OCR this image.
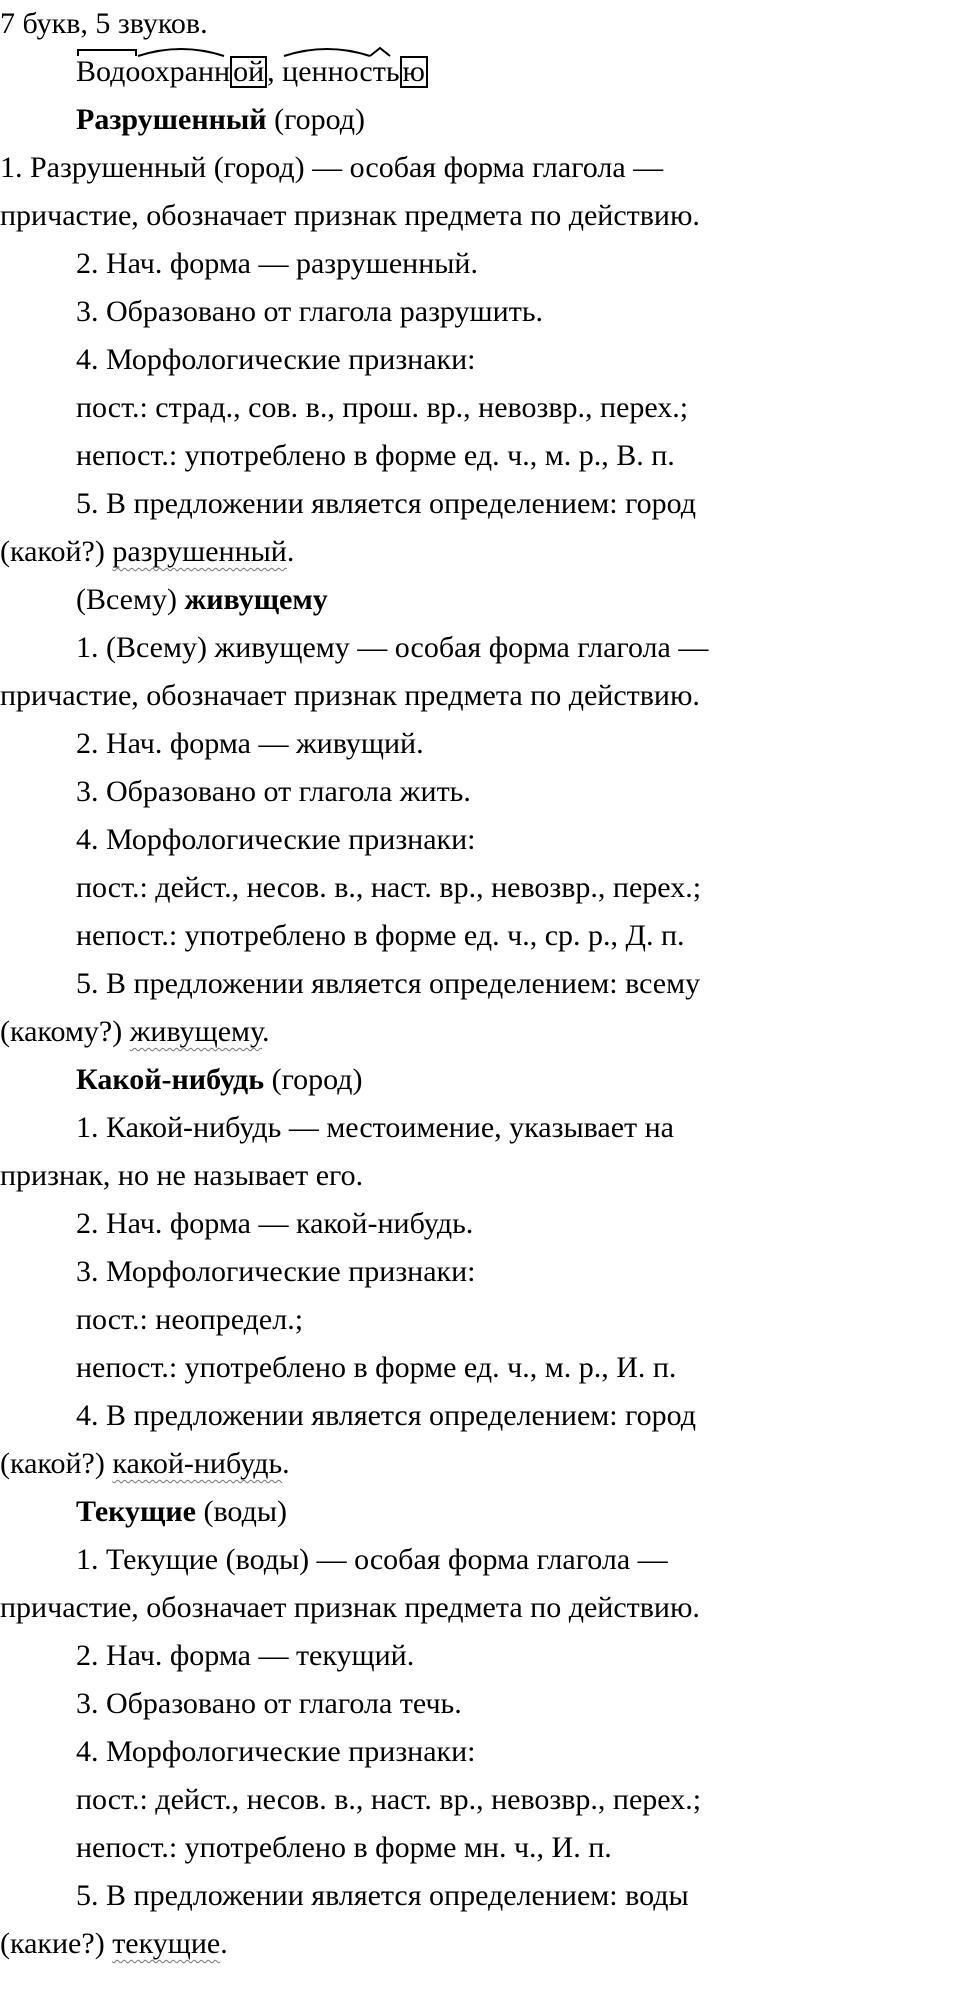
7 букв, 5 звуков.
Водоохранн ой , ценность ю
Разрушенный (город)
1. Разрушенный (город) — особая форма глагола —
причастие, обозначает признак предмета по действию.
2. Нач. форма — разрушенный.
3. Образовано от глагола разрушить.
4. Морфологические признаки:
пост.: страд., сов. в., прош. вр., невозвр., перех.;
непост.: употреблено в форме ед. ч., м. р., В. п.
5. В предложении является определением: город
(какой?) разрушенный.
(Всему) живущему
1. (Всему) живущему — особая форма глагола —
причастие, обозначает признак предмета по действию.
2. Нач. форма — живущий.
3. Образовано от глагола жить.
4. Морфологические признаки:
пост.: дейст., несов. в., наст. вр., невозвр., перех.;
непост.: употреблено в форме ед. ч., ср. р., Д. п.
5. В предложении является определением: всему
(какому?) живущему.
Какой-нибудь (город)
1. Какой-нибудь — местоимение, указывает на
признак, но не называет его.
2. Нач. форма — какой-нибудь.
3. Морфологические признаки:
пост.: неопредел.;
непост.: употреблено в форме ед. ч., м. р., И. п.
4. В предложении является определением: город
(какой?) какой-нибудь.
Текущие (воды)
1. Текущие (воды) — особая форма глагола —
причастие, обозначает признак предмета по действию.
2. Нач. форма — текущий.
3. Образовано от глагола течь.
4. Морфологические признаки:
пост.: дейст., несов. в., наст. вр., невозвр., перех.;
непост.: употреблено в форме мн. ч., И. п.
5. В предложении является определением: воды
(какие?) текущие.
